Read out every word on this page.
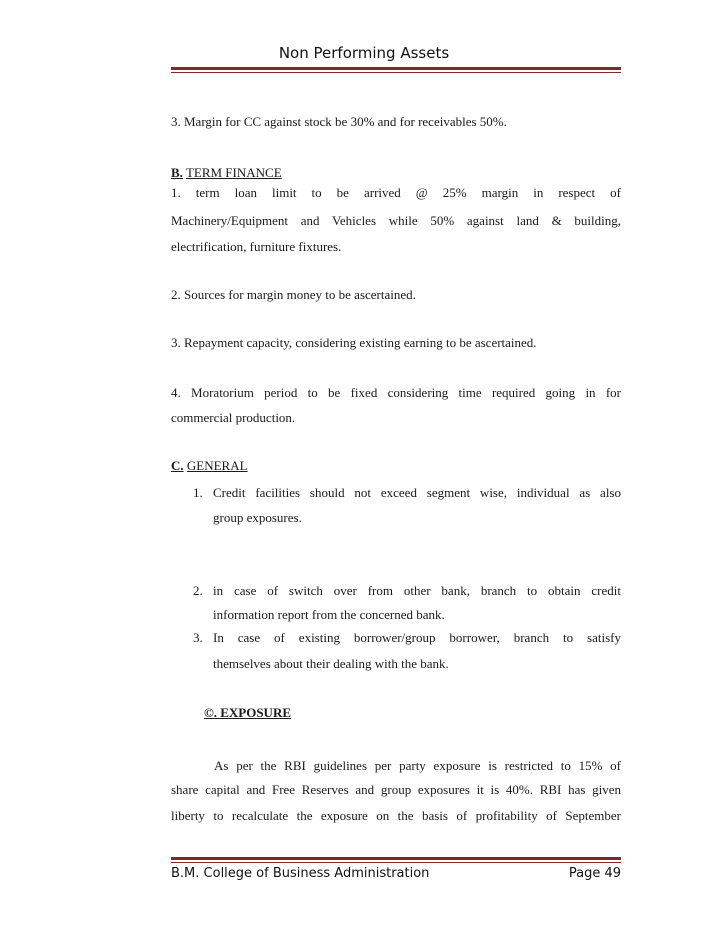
Non Performing Assets
3. Margin for CC against stock be 30% and for receivables 50%.
B. TERM FINANCE
1. term loan limit to be arrived @ 25% margin in respect of
Machinery/Equipment and Vehicles while 50% against land & building,
electrification, furniture fixtures.
2. Sources for margin money to be ascertained.
3. Repayment capacity, considering existing earning to be ascertained.
4. Moratorium period to be fixed considering time required going in for
commercial production.
C. GENERAL
1. Credit facilities should not exceed segment wise, individual as also
group exposures.
2. in case of switch over from other bank, branch to obtain credit
information report from the concerned bank.
3. In case of existing borrower/group borrower, branch to satisfy
themselves about their dealing with the bank.
©. EXPOSURE
As per the RBI guidelines per party exposure is restricted to 15% of
share capital and Free Reserves and group exposures it is 40%. RBI has given
liberty to recalculate the exposure on the basis of profitability of September
B.M. College of Business Administration	Page 49
